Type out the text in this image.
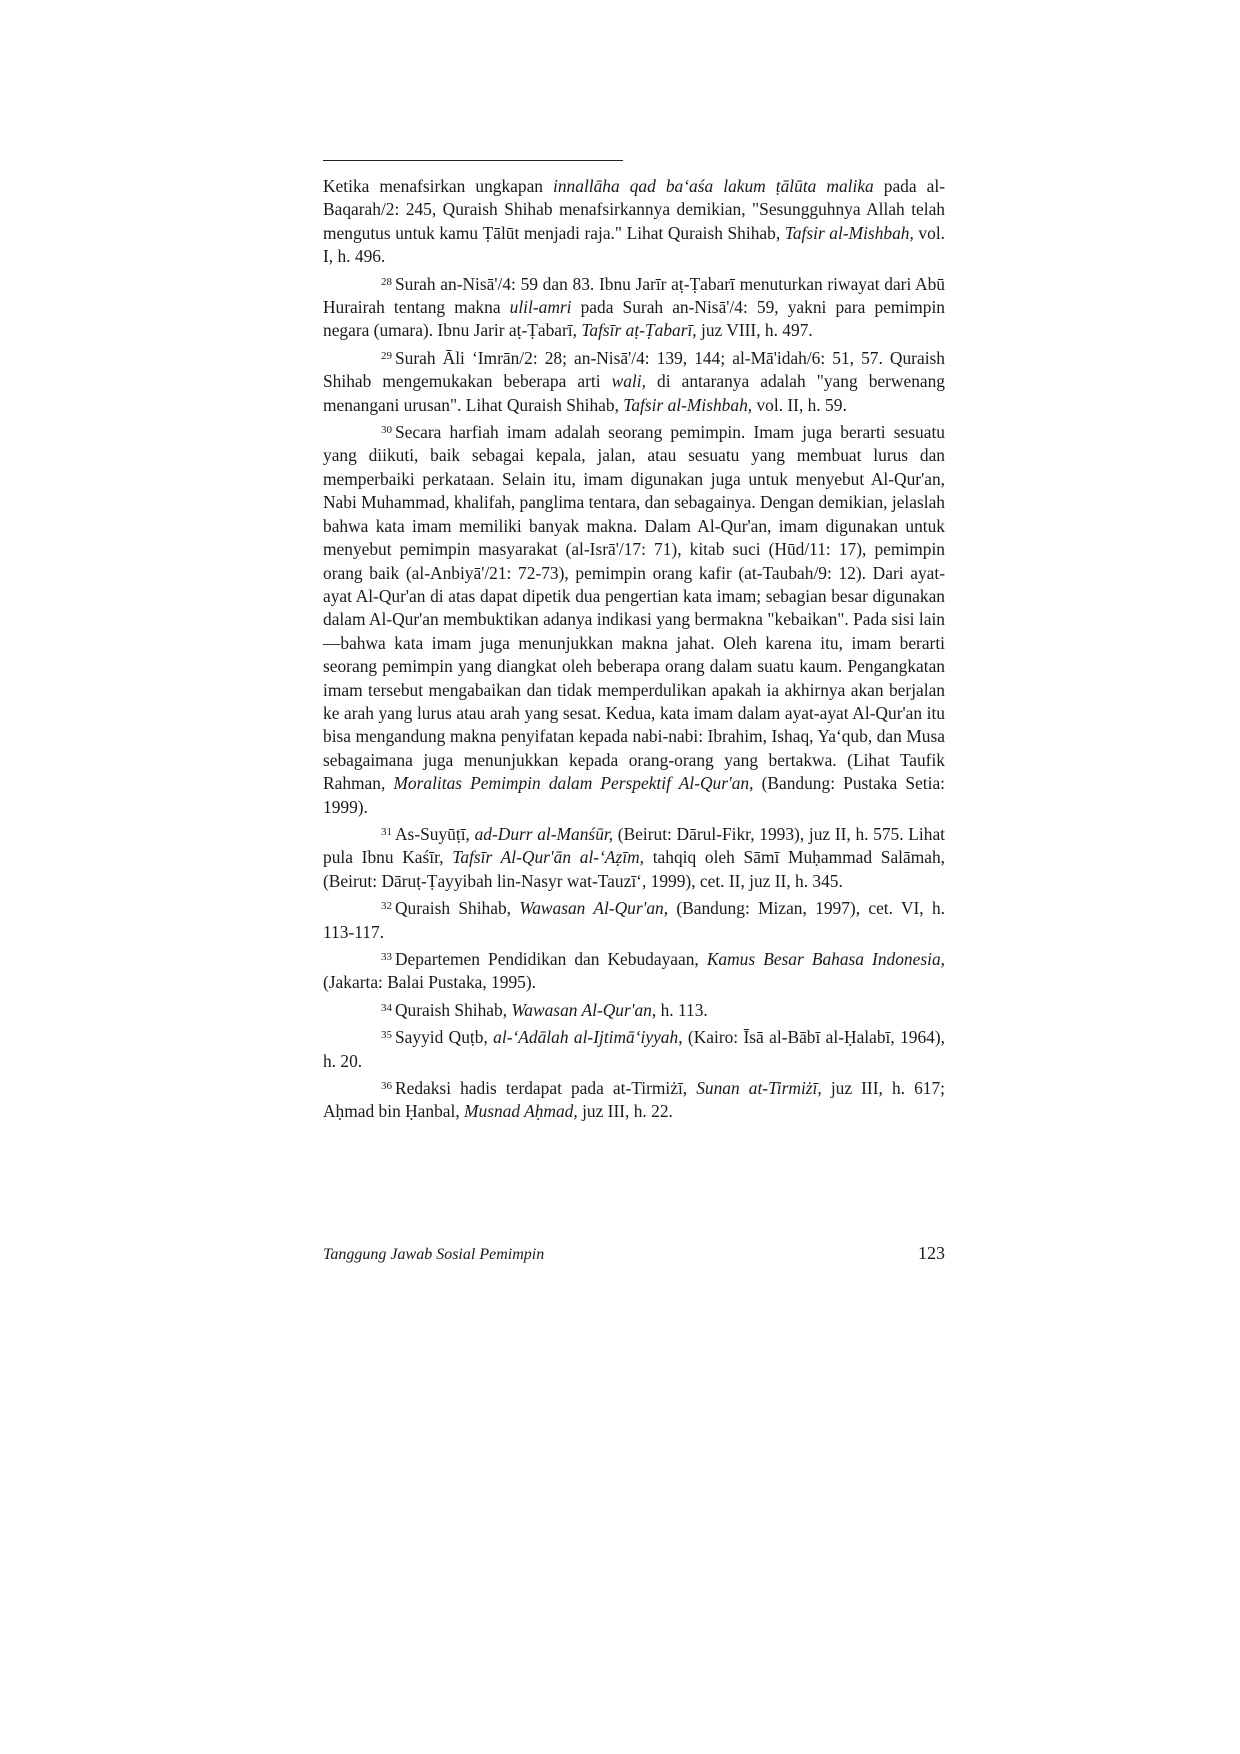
Ketika menafsirkan ungkapan innallāha qad ba‘aśa lakum ṭālūta malika pada al-Baqarah/2: 245, Quraish Shihab menafsirkannya demikian, "Sesungguhnya Allah telah mengutus untuk kamu Ṭālūt menjadi raja." Lihat Quraish Shihab, Tafsir al-Mishbah, vol. I, h. 496.

$^{28}$ Surah an-Nisā'/4: 59 dan 83. Ibnu Jarīr aṭ-Ṭabarī menuturkan riwayat dari Abū Hurairah tentang makna ulil-amri pada Surah an-Nisā'/4: 59, yakni para pemimpin negara (umara). Ibnu Jarir aṭ-Ṭabarī, Tafsīr aṭ-Ṭabarī, juz VIII, h. 497.

$^{29}$ Surah Āli ‘Imrān/2: 28; an-Nisā'/4: 139, 144; al-Mā'idah/6: 51, 57. Quraish Shihab mengemukakan beberapa arti wali, di antaranya adalah "yang berwenang menangani urusan". Lihat Quraish Shihab, Tafsir al-Mishbah, vol. II, h. 59.

$^{30}$ Secara harfiah imam adalah seorang pemimpin. Imam juga berarti sesuatu yang diikuti, baik sebagai kepala, jalan, atau sesuatu yang membuat lurus dan memperbaiki perkataan. Selain itu, imam digunakan juga untuk menyebut Al-Qur'an, Nabi Muhammad, khalifah, panglima tentara, dan sebagainya. Dengan demikian, jelaslah bahwa kata imam memiliki banyak makna. Dalam Al-Qur'an, imam digunakan untuk menyebut pemimpin masyarakat (al-Isrā'/17: 71), kitab suci (Hūd/11: 17), pemimpin orang baik (al-Anbiyā'/21: 72-73), pemimpin orang kafir (at-Taubah/9: 12). Dari ayat-ayat Al-Qur'an di atas dapat dipetik dua pengertian kata imam; sebagian besar digunakan dalam Al-Qur'an membuktikan adanya indikasi yang bermakna "kebaikan". Pada sisi lain—bahwa kata imam juga menunjukkan makna jahat. Oleh karena itu, imam berarti seorang pemimpin yang diangkat oleh beberapa orang dalam suatu kaum. Pengangkatan imam tersebut mengabaikan dan tidak memperdulikan apakah ia akhirnya akan berjalan ke arah yang lurus atau arah yang sesat. Kedua, kata imam dalam ayat-ayat Al-Qur'an itu bisa mengandung makna penyifatan kepada nabi-nabi: Ibrahim, Ishaq, Ya‘qub, dan Musa sebagaimana juga menunjukkan kepada orang-orang yang bertakwa. (Lihat Taufik Rahman, Moralitas Pemimpin dalam Perspektif Al-Qur'an, (Bandung: Pustaka Setia: 1999).

$^{31}$ As-Suyūṭī, ad-Durr al-Manśūr, (Beirut: Dārul-Fikr, 1993), juz II, h. 575. Lihat pula Ibnu Kaśīr, Tafsīr Al-Qur'ān al-‘Aẓīm, tahqiq oleh Sāmī Muḥammad Salāmah, (Beirut: Dāruṭ-Ṭayyibah lin-Nasyr wat-Tauzī‘, 1999), cet. II, juz II, h. 345.

$^{32}$ Quraish Shihab, Wawasan Al-Qur'an, (Bandung: Mizan, 1997), cet. VI, h. 113-117.

$^{33}$ Departemen Pendidikan dan Kebudayaan, Kamus Besar Bahasa Indonesia, (Jakarta: Balai Pustaka, 1995).

$^{34}$ Quraish Shihab, Wawasan Al-Qur'an, h. 113.

$^{35}$ Sayyid Quṭb, al-‘Adālah al-Ijtimā‘iyyah, (Kairo: Īsā al-Bābī al-Ḥalabī, 1964), h. 20.

$^{36}$ Redaksi hadis terdapat pada at-Tirmiżī, Sunan at-Tirmiżī, juz III, h. 617; Aḥmad bin Ḥanbal, Musnad Aḥmad, juz III, h. 22.

Tanggung Jawab Sosial Pemimpin	123
